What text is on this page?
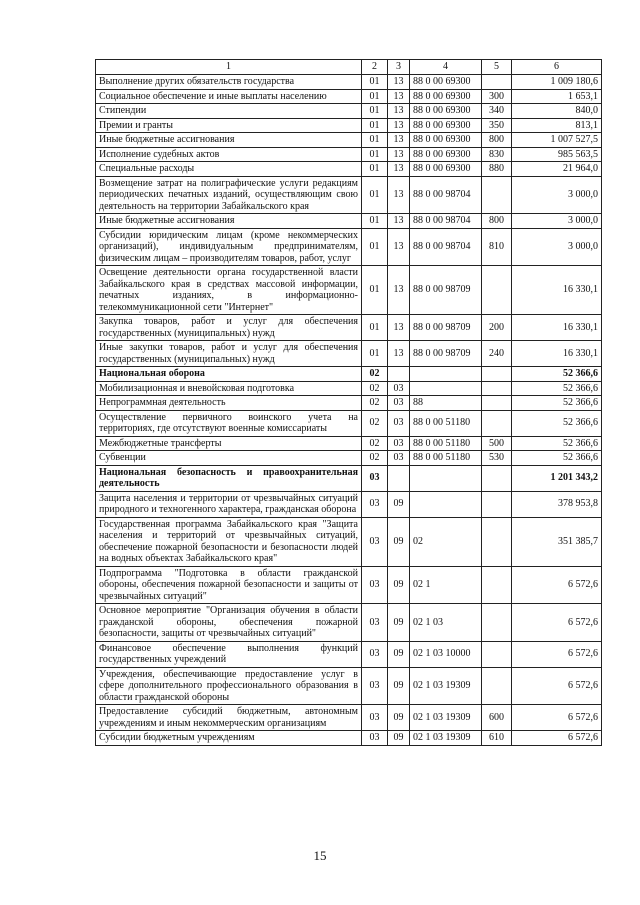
1	2	3	4	5	6
Выполнение других обязательств государства	01	13	88 0 00 69300		1 009 180,6
Социальное обеспечение и иные выплаты населению	01	13	88 0 00 69300	300	1 653,1
Стипендии	01	13	88 0 00 69300	340	840,0
Премии и гранты	01	13	88 0 00 69300	350	813,1
Иные бюджетные ассигнования	01	13	88 0 00 69300	800	1 007 527,5
Исполнение судебных актов	01	13	88 0 00 69300	830	985 563,5
Специальные расходы	01	13	88 0 00 69300	880	21 964,0
Возмещение затрат на полиграфические услуги редакциям периодических печатных изданий, осуществляющим свою деятельность на территории Забайкальского края	01	13	88 0 00 98704		3 000,0
Иные бюджетные ассигнования	01	13	88 0 00 98704	800	3 000,0
Субсидии юридическим лицам (кроме некоммерческих организаций), индивидуальным предпринимателям, физическим лицам – производителям товаров, работ, услуг	01	13	88 0 00 98704	810	3 000,0
Освещение деятельности органа государственной власти Забайкальского края в средствах массовой информации, печатных изданиях, в информационно-телекоммуникационной сети "Интернет"	01	13	88 0 00 98709		16 330,1
Закупка товаров, работ и услуг для обеспечения государственных (муниципальных) нужд	01	13	88 0 00 98709	200	16 330,1
Иные закупки товаров, работ и услуг для обеспечения государственных (муниципальных) нужд	01	13	88 0 00 98709	240	16 330,1
Национальная оборона	02				52 366,6
Мобилизационная и вневойсковая подготовка	02	03			52 366,6
Непрограммная деятельность	02	03	88		52 366,6
Осуществление первичного воинского учета на территориях, где отсутствуют военные комиссариаты	02	03	88 0 00 51180		52 366,6
Межбюджетные трансферты	02	03	88 0 00 51180	500	52 366,6
Субвенции	02	03	88 0 00 51180	530	52 366,6
Национальная безопасность и правоохранительная деятельность	03				1 201 343,2
Защита населения и территории от чрезвычайных ситуаций природного и техногенного характера, гражданская оборона	03	09			378 953,8
Государственная программа Забайкальского края "Защита населения и территорий от чрезвычайных ситуаций, обеспечение пожарной безопасности и безопасности людей на водных объектах Забайкальского края"	03	09	02		351 385,7
Подпрограмма "Подготовка в области гражданской обороны, обеспечения пожарной безопасности и защиты от чрезвычайных ситуаций"	03	09	02 1		6 572,6
Основное мероприятие "Организация обучения в области гражданской обороны, обеспечения пожарной безопасности, защиты от чрезвычайных ситуаций"	03	09	02 1 03		6 572,6
Финансовое обеспечение выполнения функций государственных учреждений	03	09	02 1 03 10000		6 572,6
Учреждения, обеспечивающие предоставление услуг в сфере дополнительного профессионального образования в области гражданской обороны	03	09	02 1 03 19309		6 572,6
Предоставление субсидий бюджетным, автономным учреждениям и иным некоммерческим организациям	03	09	02 1 03 19309	600	6 572,6
Субсидии бюджетным учреждениям	03	09	02 1 03 19309	610	6 572,6
15
